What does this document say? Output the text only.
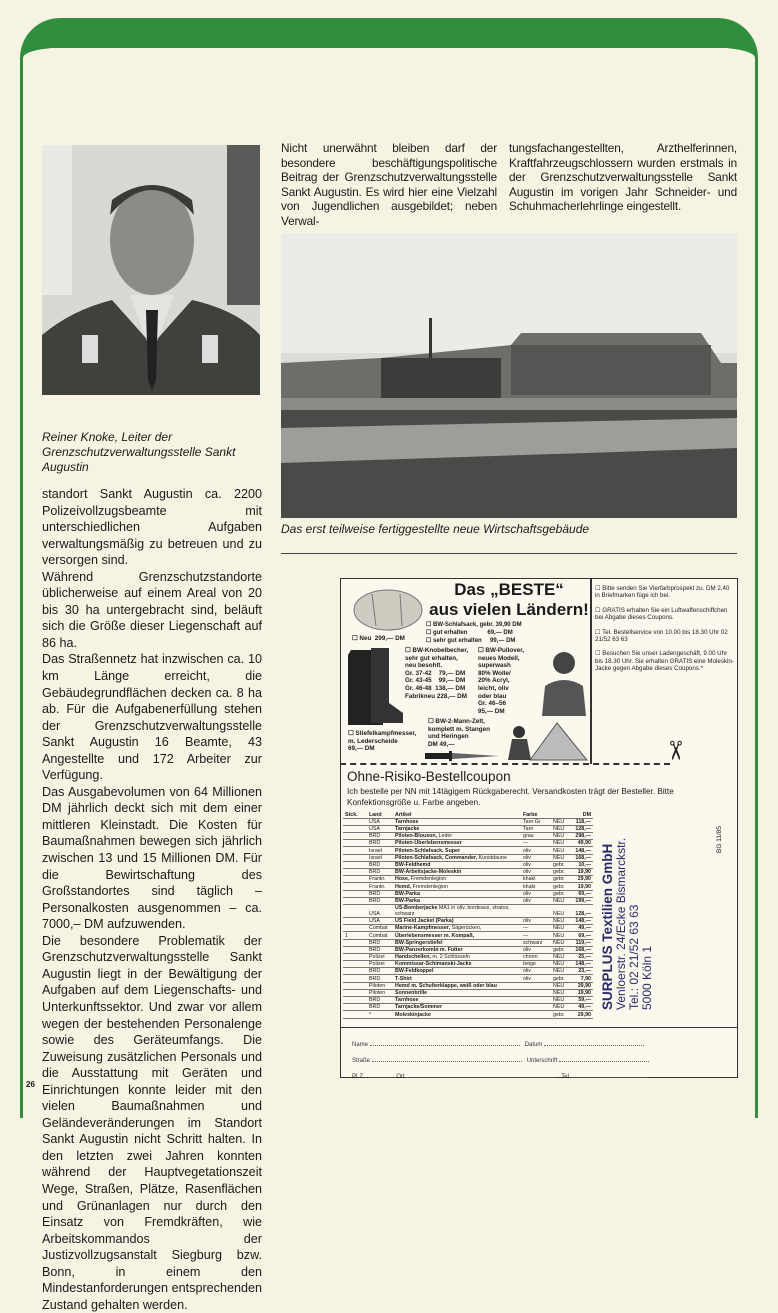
Reiner Knoke, Leiter der Grenzschutzverwaltungsstelle Sankt Augustin
Nicht unerwähnt bleiben darf der besondere beschäftigungspolitische Beitrag der Grenzschutzverwaltungsstelle Sankt Augustin. Es wird hier eine Vielzahl von Jugendlichen ausgebildet; neben Verwal-
tungsfachangestellten, Arzthelferinnen, Kraftfahrzeugschlossern wurden erstmals in der Grenzschutzverwaltungsstelle Sankt Augustin im vorigen Jahr Schneider- und Schuhmacherlehrlinge eingestellt.
Das erst teilweise fertiggestellte neue Wirtschaftsgebäude

standort Sankt Augustin ca. 2200 Polizeivollzugsbeamte mit unterschiedlichen Aufgaben verwaltungsmäßig zu betreuen und zu versorgen sind.

Während Grenzschutzstandorte üblicherweise auf einem Areal von 20 bis 30 ha untergebracht sind, beläuft sich die Größe dieser Liegenschaft auf 86 ha.

Das Straßennetz hat inzwischen ca. 10 km Länge erreicht, die Gebäudegrundflächen decken ca. 8 ha ab. Für die Aufgabenerfüllung stehen der Grenzschutzverwaltungsstelle Sankt Augustin 16 Beamte, 43 Angestellte und 172 Arbeiter zur Verfügung.

Das Ausgabevolumen von 64 Millionen DM jährlich deckt sich mit dem einer mittleren Kleinstadt. Die Kosten für Baumaßnahmen bewegen sich jährlich zwischen 13 und 15 Millionen DM. Für die Bewirtschaftung des Großstandortes sind täglich – Personalkosten ausgenommen – ca. 7000,– DM aufzuwenden.

Die besondere Problematik der Grenzschutzverwaltungsstelle Sankt Augustin liegt in der Bewältigung der Aufgaben auf dem Liegenschafts- und Unterkunftssektor. Und zwar vor allem wegen der bestehenden Personalenge sowie des Geräteumfangs. Die Zuweisung zusätzlichen Personals und die Ausstattung mit Geräten und Einrichtungen konnte leider mit den vielen Baumaßnahmen und Geländeveränderungen im Standort Sankt Augustin nicht Schritt halten. In den letzten zwei Jahren konnten während der Hauptvegetationszeit Wege, Straßen, Plätze, Rasenflächen und Grünanlagen nur durch den Einsatz von Fremdkräften, wie Arbeitskommandos der Justizvollzugsanstalt Siegburg bzw. Bonn, in einem den Mindestanforderungen entsprechenden Zustand gehalten werden.

26
✂
Das „BESTE“
aus vielen Ländern!
☐ BW-Schlafsack, gebr. 39,90 DM
☐ gut erhalten            69,— DM
☐ sehr gut erhalten     99,— DM
☐ Neu  299,— DM
☐ BW-Knobelbecher,
sehr gut erhalten,
neu besohlt.
Gr. 37-42    79,— DM
Gr. 43-45    99,— DM
Gr. 46-48  138,— DM
Fabrikneu 228,— DM
☐ BW-Pullover,
neues Modell,
superwash
80% Wolle/
20% Acryl,
leicht, oliv
oder blau
Gr. 46–56
95,— DM
☐ BW-2-Mann-Zelt,
komplett m. Stangen
und Heringen
DM 49,—
☐ Stiefelkampfmesser,
m. Lederscheide
69,— DM

☐ Bitte senden Sie Vierfarbprospekt zu. DM 2,40 in Briefmarken füge ich bei.

☐ GRATIS erhalten Sie ein Luftwaffenschiffchen bei Abgabe dieses Coupons.

☐ Tel. Bestellservice von 10.00 bis 18.30 Uhr 02 21/52 63 63

☐ Besuchen Sie unser Ladengeschäft, 9.00 Uhr bis 18.30 Uhr. Sie erhalten GRATIS eine Moleskin-Jacke gegen Abgabe dieses Coupons.*

Ohne-Risiko-Bestellcoupon
Ich bestelle per NN mit 14tägigem Rückgaberecht. Versandkosten trägt der Besteller. Bitte Konfektionsgröße u. Farbe angeben.
Stck.	Land	Artikel	Farbe		DM
	USA	Tarnhose	Tarn Gr	NEU	118,—
	USA	Tarnjacke	Tarn	NEU	128,—
	BRD	Piloten-Blouson, Leder	grau	NEU	298,—
	BRD	Piloten-Überlebensmesser	—	NEU	49,90
	Israel	Piloten-Schlafsack, Super	oliv	NEU	148,—
	Israel	Piloten-Schlafsack, Commander, Kunstdaune	oliv	NEU	168,—
	BRD	BW-Feldhemd	oliv	gebr.	10,—
	BRD	BW-Arbeitsjacke-Moleskin	oliv	gebr.	19,90
	Frankr.	Hose, Fremdenlegion	khaki	gebr.	29,90
	Frankr.	Hemd, Fremdenlegion	khaki	gebr.	19,90
	BRD	BW-Parka	oliv	gebr.	69,—
	BRD	BW-Parka	oliv	NEU	199,—
	USA	US-Bomberjacke MA1 in oliv, bordeaux, stratos, schwarz		NEU	128,—
	USA	US Field Jacket (Parka)	oliv	NEU	148,—
	Combat	Marine-Kampfmesser, Sägerücken,	—	NEU	49,—
1	Combat	Überlebensmesser m. Kompaß,	—	NEU	69,—
	BRD	BW-Springerstiefel	schwarz	NEU	119,—
	BRD	BW-Panzerkombi m. Futter	oliv	gebr.	168,—
	Polizei	Handschellen, m. 2 Schlüsseln	chrom	NEU	25,—
	Polizei	Kommissar-Schimanski-Jacke	beige	NEU	148,—
	BRD	BW-Feldkoppel	oliv	NEU	23,—
	BRD	T-Shirt	oliv	gebr.	7,90
	Piloten	Hemd m. Schulterklappe, weiß oder blau		NEU	39,90
	Piloten	Sonnenbrille		NEU	19,90
	BRD	Tarnhose		NEU	59,—
	BRD	Tarnjacke/Sommer		NEU	49,—
	*	Moleskinjacke		gebr.	29,90
SURPLUS Textilien GmbH Venloerstr. 24/Ecke Bismarckstr. Tel.: 02 21/52 63 63 5000 Köln 1
BG 11/85
Name	Datum
Straße	Unterschrift
PLZ	Ort	Tel.
